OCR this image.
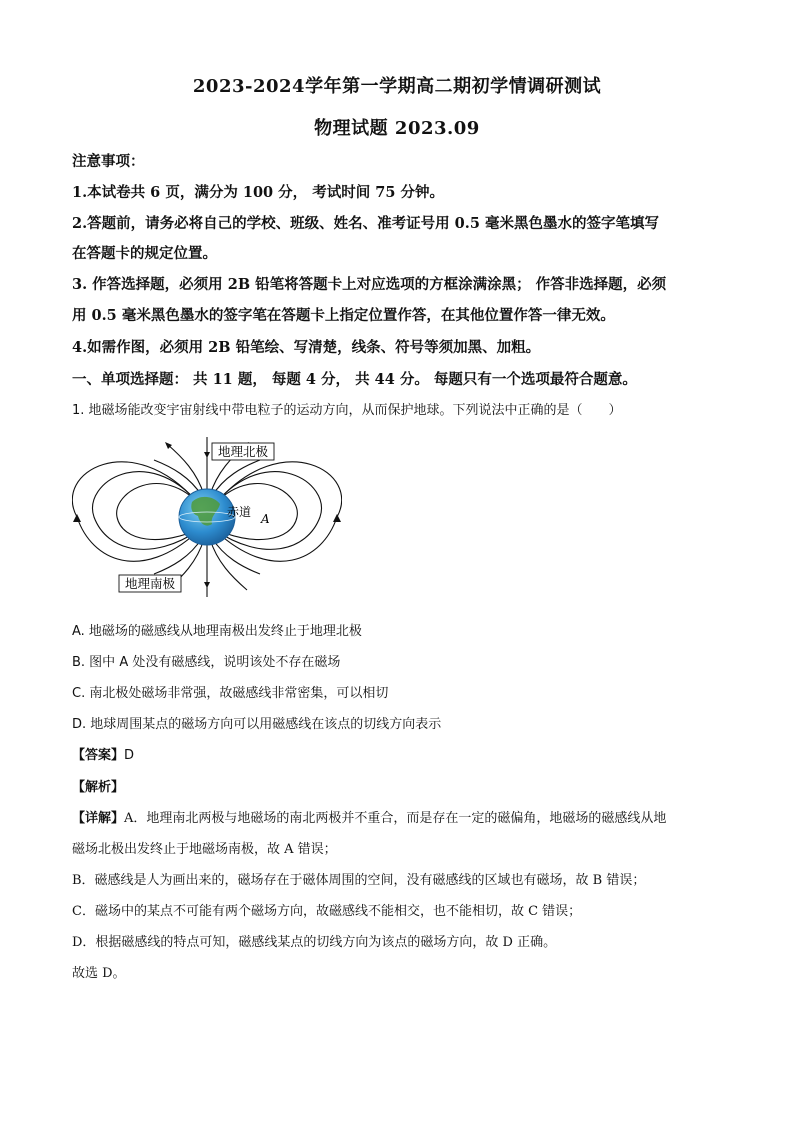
2023-2024学年第一学期高二期初学情调研测试
物理试题 2023.09
注意事项：
1.本试卷共 6 页，满分为 100 分， 考试时间 75 分钟。
2.答题前，请务必将自己的学校、班级、姓名、准考证号用 0.5 毫米黑色墨水的签字笔填写
在答题卡的规定位置。
3. 作答选择题，必须用 2B 铅笔将答题卡上对应选项的方框涂满涂黑； 作答非选择题，必须
用 0.5 毫米黑色墨水的签字笔在答题卡上指定位置作答，在其他位置作答一律无效。
4.如需作图，必须用 2B 铅笔绘、写清楚，线条、符号等须加黑、加粗。
一、单项选择题： 共 11 题， 每题 4 分， 共 44 分。 每题只有一个选项最符合题意。
1. 地磁场能改变宇宙射线中带电粒子的运动方向，从而保护地球。下列说法中正确的是（　　）
地理北极
地理南极
赤道 A
A. 地磁场的磁感线从地理南极出发终止于地理北极
B. 图中 A 处没有磁感线，说明该处不存在磁场
C. 南北极处磁场非常强，故磁感线非常密集，可以相切
D. 地球周围某点的磁场方向可以用磁感线在该点的切线方向表示
【答案】D
【解析】
【详解】A．地理南北两极与地磁场的南北两极并不重合，而是存在一定的磁偏角，地磁场的磁感线从地
磁场北极出发终止于地磁场南极，故 A 错误；
B．磁感线是人为画出来的，磁场存在于磁体周围的空间，没有磁感线的区域也有磁场，故 B 错误；
C．磁场中的某点不可能有两个磁场方向，故磁感线不能相交，也不能相切，故 C 错误；
D．根据磁感线的特点可知，磁感线某点的切线方向为该点的磁场方向，故 D 正确。
故选 D。
